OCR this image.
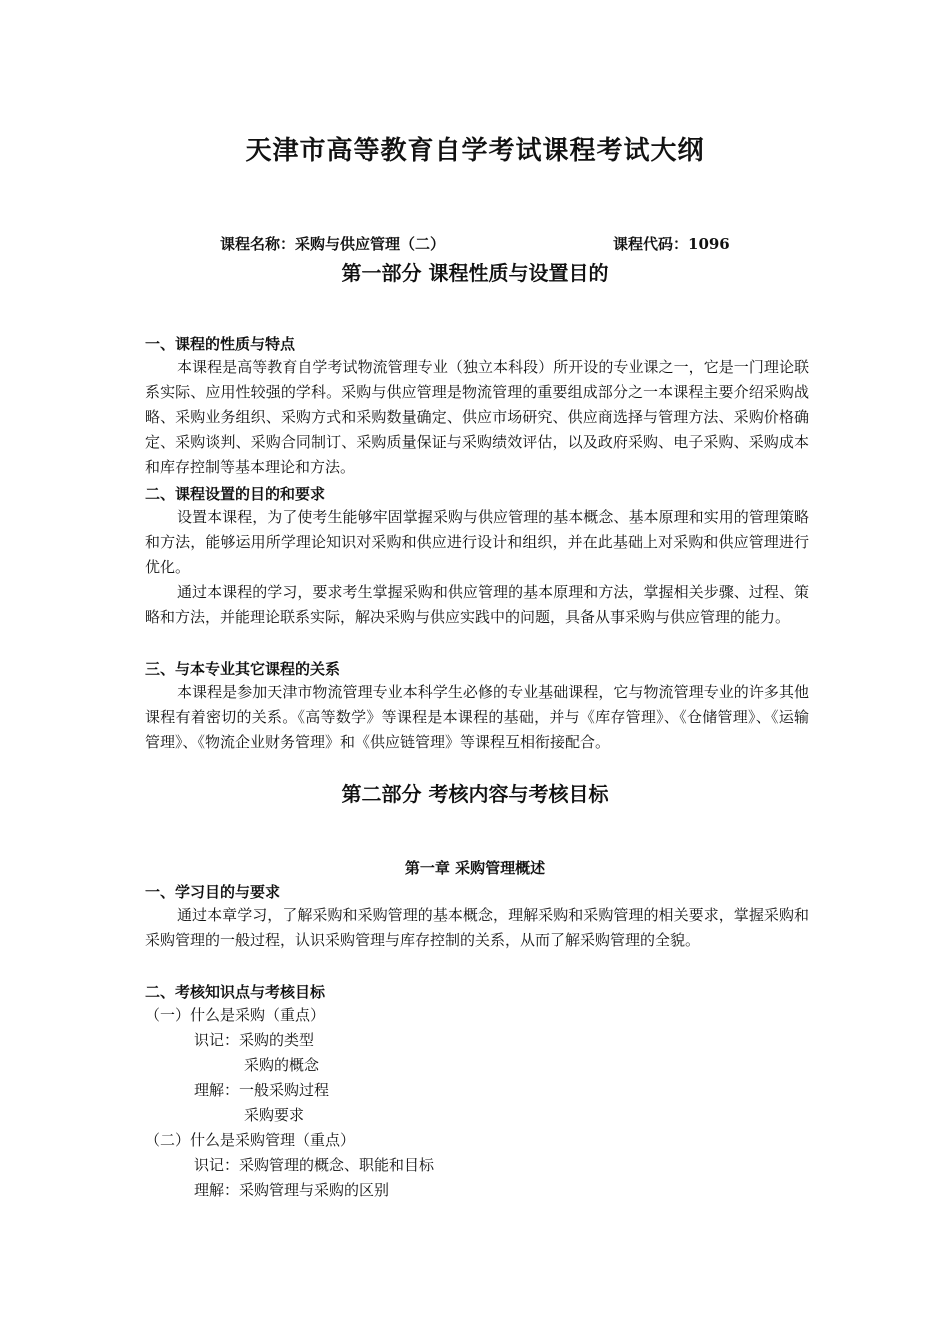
天津市高等教育自学考试课程考试大纲
课程名称：采购与供应管理（二）	课程代码：1096
第一部分 课程性质与设置目的
一、课程的性质与特点

本课程是高等教育自学考试物流管理专业（独立本科段）所开设的专业课之一，它是一门理论联系实际、应用性较强的学科。采购与供应管理是物流管理的重要组成部分之一本课程主要介绍采购战略、采购业务组织、采购方式和采购数量确定、供应市场研究、供应商选择与管理方法、采购价格确定、采购谈判、采购合同制订、采购质量保证与采购绩效评估，以及政府采购、电子采购、采购成本和库存控制等基本理论和方法。

二、课程设置的目的和要求

设置本课程，为了使考生能够牢固掌握采购与供应管理的基本概念、基本原理和实用的管理策略和方法，能够运用所学理论知识对采购和供应进行设计和组织，并在此基础上对采购和供应管理进行优化。

通过本课程的学习，要求考生掌握采购和供应管理的基本原理和方法，掌握相关步骤、过程、策略和方法，并能理论联系实际，解决采购与供应实践中的问题，具备从事采购与供应管理的能力。

三、与本专业其它课程的关系

本课程是参加天津市物流管理专业本科学生必修的专业基础课程，它与物流管理专业的许多其他课程有着密切的关系。《高等数学》等课程是本课程的基础，并与《库存管理》、《仓储管理》、《运输管理》、《物流企业财务管理》和《供应链管理》等课程互相衔接配合。

第二部分 考核内容与考核目标
第一章 采购管理概述
一、学习目的与要求

通过本章学习，了解采购和采购管理的基本概念，理解采购和采购管理的相关要求，掌握采购和采购管理的一般过程，认识采购管理与库存控制的关系，从而了解采购管理的全貌。

二、考核知识点与考核目标
（一）什么是采购（重点）
识记：采购的类型
采购的概念
理解：一般采购过程
采购要求
（二）什么是采购管理（重点）
识记：采购管理的概念、职能和目标
理解：采购管理与采购的区别
